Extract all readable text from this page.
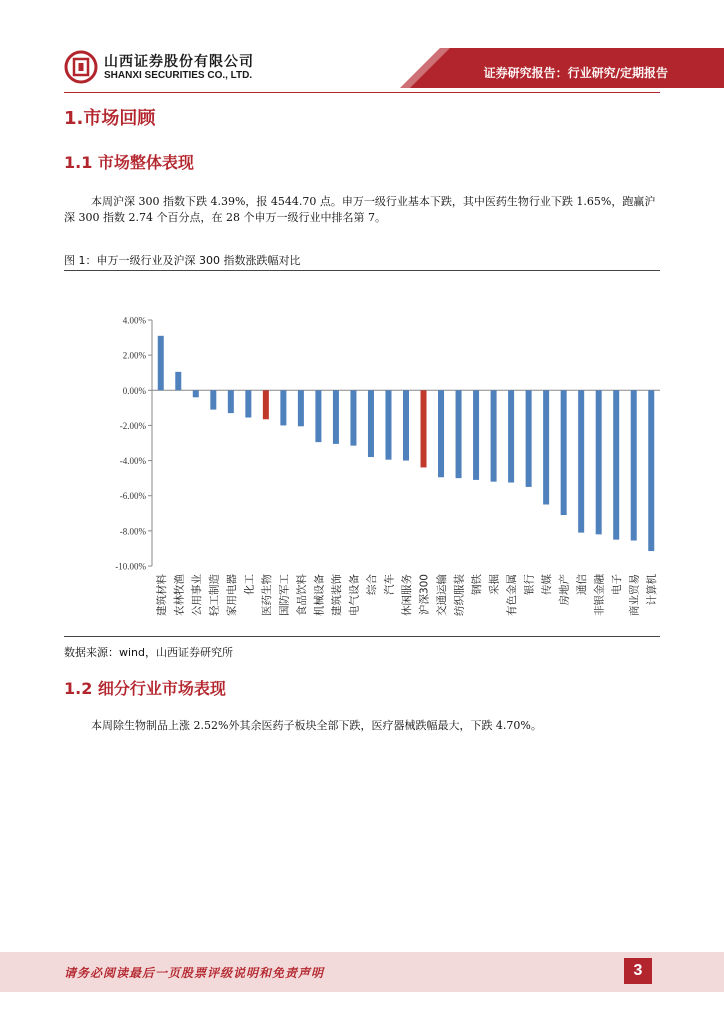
山西证券股份有限公司
SHANXI SECURITIES CO., LTD.	证券研究报告：行业研究/定期报告
1.市场回顾
1.1 市场整体表现
本周沪深 300 指数下跌 4.39%，报 4544.70 点。申万一级行业基本下跌，其中医药生物行业下跌 1.65%，跑赢沪深 300 指数 2.74 个百分点，在 28 个申万一级行业中排名第 7。
图 1：申万一级行业及沪深 300 指数涨跌幅对比
4.00%
2.00%
0.00%
-2.00%
-4.00%
-6.00%
-8.00%
-10.00%
建筑材料 农林牧渔 公用事业 轻工制造 家用电器 化工 医药生物 国防军工 食品饮料 机械设备 建筑装饰 电气设备 综合 汽车 休闲服务 沪深300 交通运输 纺织服装 钢铁 采掘 有色金属 银行 传媒 房地产 通信 非银金融 电子 商业贸易 计算机
数据来源：wind，山西证券研究所
1.2 细分行业市场表现
本周除生物制品上涨 2.52%外其余医药子板块全部下跌，医疗器械跌幅最大，下跌 4.70%。
请务必阅读最后一页股票评级说明和免责声明	3
